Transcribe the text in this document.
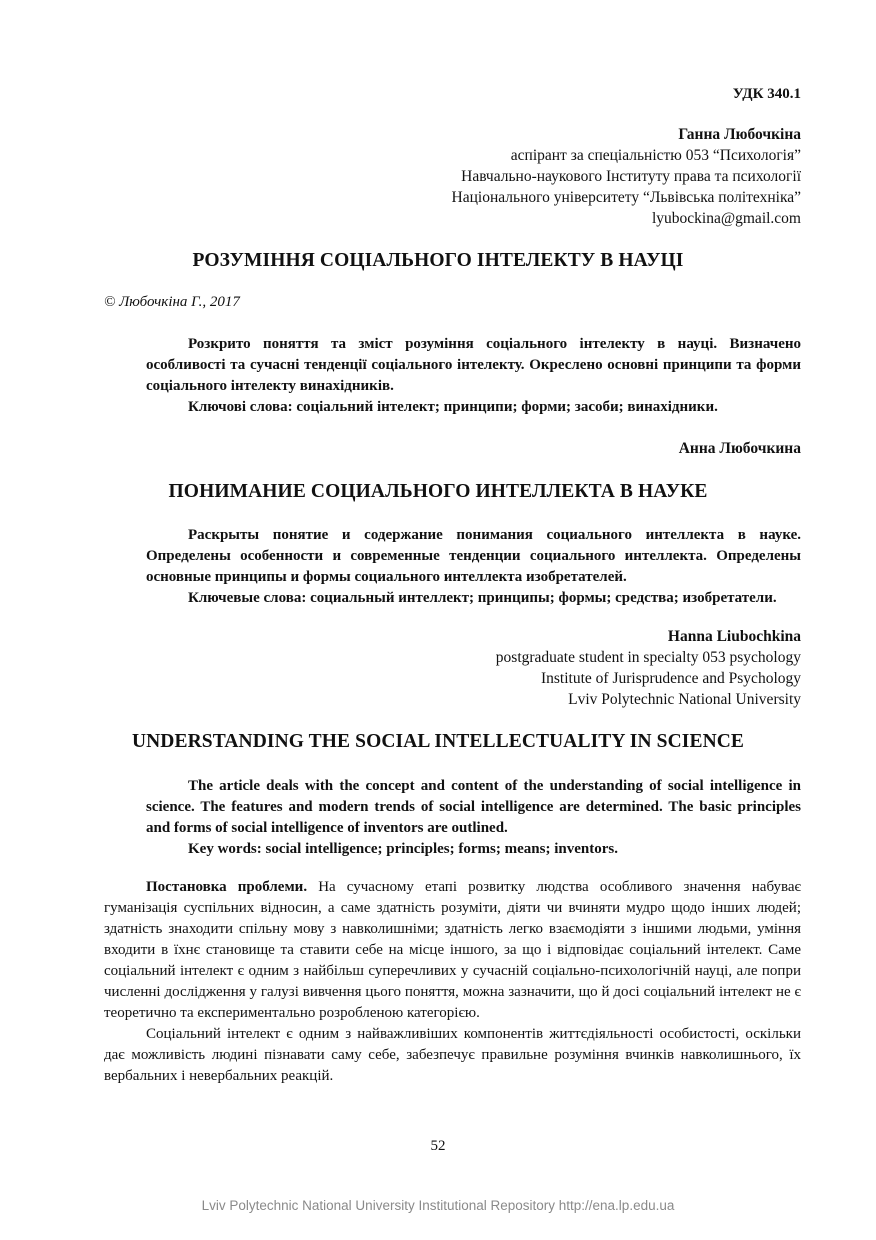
УДК 340.1
Ганна Любочкіна
аспірант за спеціальністю 053 “Психологія”
Навчально-наукового Інституту права та психології
Національного університету “Львівська політехніка”
lyubockina@gmail.com
РОЗУМІННЯ СОЦІАЛЬНОГО ІНТЕЛЕКТУ В НАУЦІ
© Любочкіна Г., 2017

Розкрито поняття та зміст розуміння соціального інтелекту в науці. Визначено особливості та сучасні тенденції соціального інтелекту. Окреслено основні принципи та форми соціального інтелекту винахідників.

Ключові слова: соціальний інтелект; принципи; форми; засоби; винахідники.

Анна Любочкина
ПОНИМАНИЕ СОЦИАЛЬНОГО ИНТЕЛЛЕКТА В НАУКЕ

Раскрыты понятие и содержание понимания социального интеллекта в науке. Определены особенности и современные тенденции социального интеллекта. Определены основные принципы и формы социального интеллекта изобретателей.

Ключевые слова: социальный интеллект; принципы; формы; средства; изобретатели.

Hanna Liubochkina
postgraduate student in specialty 053 psychology
Institute of Jurisprudence and Psychology
Lviv Polytechnic National University
UNDERSTANDING THE SOCIAL INTELLECTUALITY IN SCIENCE

The article deals with the concept and content of the understanding of social intelligence in science. The features and modern trends of social intelligence are determined. The basic principles and forms of social intelligence of inventors are outlined.

Key words: social intelligence; principles; forms; means; inventors.

Постановка проблеми. На сучасному етапі розвитку людства особливого значення набуває гуманізація суспільних відносин, а саме здатність розуміти, діяти чи вчиняти мудро щодо інших людей; здатність знаходити спільну мову з навколишніми; здатність легко взаємодіяти з іншими людьми, уміння входити в їхнє становище та ставити себе на місце іншого, за що і відповідає соціальний інтелект. Саме соціальний інтелект є одним з найбільш суперечливих у сучасній соціально-психологічній науці, але попри численні дослідження у галузі вивчення цього поняття, можна зазначити, що й досі соціальний інтелект не є теоретично та експериментально розробленою категорією.

Соціальний інтелект є одним з найважливіших компонентів життєдіяльності особистості, оскільки дає можливість людині пізнавати саму себе, забезпечує правильне розуміння вчинків навколишнього, їх вербальних і невербальних реакцій.

52
Lviv Polytechnic National University Institutional Repository http://ena.lp.edu.ua
